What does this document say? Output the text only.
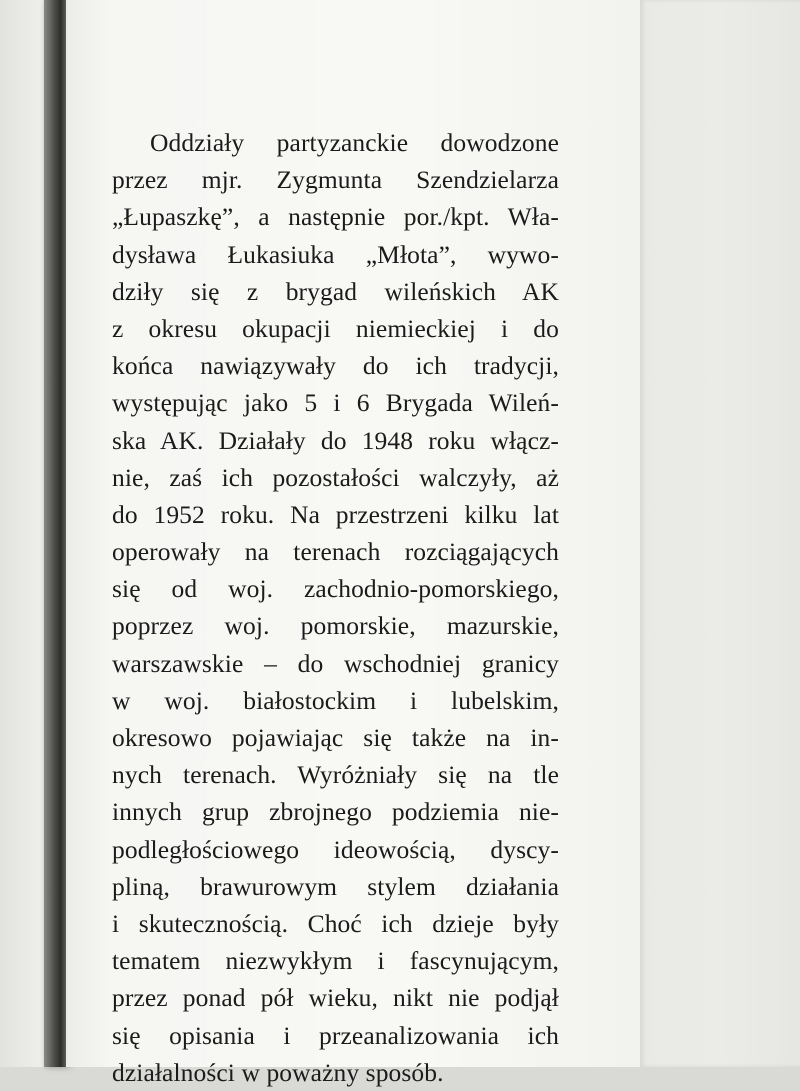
Oddziały partyzanckie dowodzone
przez mjr. Zygmunta Szendzielarza
„Łupaszkę”, a następnie por./kpt. Wła-
dysława Łukasiuka „Młota”, wywo-
dziły się z brygad wileńskich AK
z okresu okupacji niemieckiej i do
końca nawiązywały do ich tradycji,
występując jako 5 i 6 Brygada Wileń-
ska AK. Działały do 1948 roku włącz-
nie, zaś ich pozostałości walczyły, aż
do 1952 roku. Na przestrzeni kilku lat
operowały na terenach rozciągających
się od woj. zachodnio-pomorskiego,
poprzez woj. pomorskie, mazurskie,
warszawskie – do wschodniej granicy
w woj. białostockim i lubelskim,
okresowo pojawiając się także na in-
nych terenach. Wyróżniały się na tle
innych grup zbrojnego podziemia nie-
podległościowego ideowością, dyscy-
pliną, brawurowym stylem działania
i skutecznością. Choć ich dzieje były
tematem niezwykłym i fascynującym,
przez ponad pół wieku, nikt nie podjął
się opisania i przeanalizowania ich
działalności w poważny sposób.
